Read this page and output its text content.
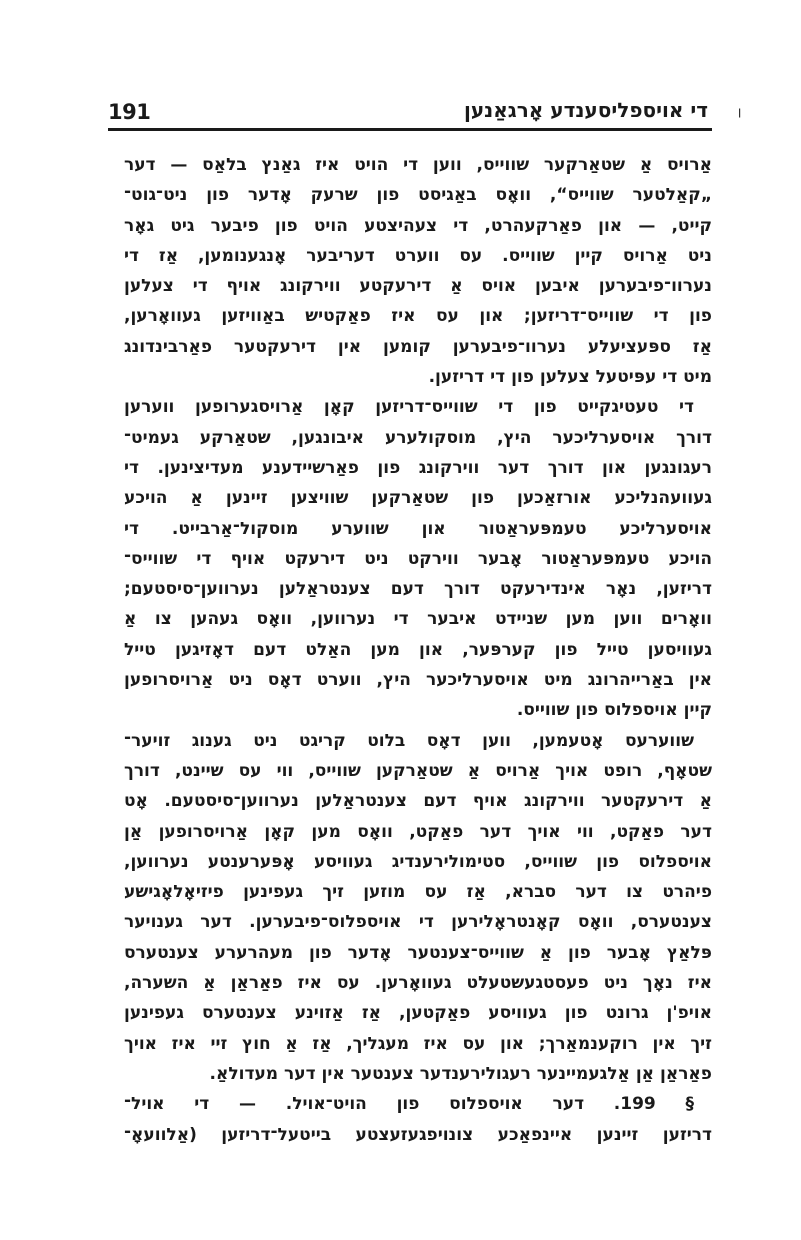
191	די אויספליסענדע אָרגאַנען	ן
אַרויס אַ שטאַרקער שווייס, ווען די הויט איז גאַנץ בלאַס — דער
„קאַלטער שווייס“, וואָס באַגיסט פון שרעק אָדער פון ניט־גוט־
קייט, — און פאַרקעהרט, די צעהיצטע הויט פון פיבער גיט גאָר
ניט אַרויס קיין שווייס. עס ווערט דעריבער אָנגענומען, אַז די
נערוו־פיבערען איבען אויס אַ דירעקטע ווירקונג אויף די צעלען
פון די שווייס־דריזען; און עס איז פאַקטיש באַוויזען געוואָרען,
אַז ספּעציעלע נערוו־פיבערען קומען אין דירעקטער פאַרבינדונג
מיט די עפּיטעל צעלען פון די דריזען.
די טעטיגקייט פון די שווייס־דריזען קאָן אַרויסגערופען ווערען
דורך אויסערליכער היץ, מוסקולערע איבונגען, שטאַרקע געמיט־
רעגונגען און דורך דער ווירקונג פון פאַרשיידענע מעדיצינען. די
געוועהנליכע אורזאַכען פון שטאַרקען שוויצען זיינען אַ הויכע
אויסערליכע טעמפּעראַטור און שווערע מוסקול־אַרבייט. די
הויכע טעמפּעראַטור אָבער ווירקט ניט דירעקט אויף די שווייס־
דריזען, נאָר אינדירעקט דורך דעם צענטראַלען נערווען־סיסטעם;
וואָרים ווען מען שניידט איבער די נערווען, וואָס געהען צו אַ
געוויסען טייל פון קערפּער, און מען האַלט דעם דאָזיגען טייל
אין באַרייהרונג מיט אויסערליכער היץ, ווערט דאָס ניט אַרויסרופען
קיין אויספלוס פון שווייס.
שווערעס אָטעמען, ווען דאָס בלוט קריגט ניט גענוג זויער־
שטאָף, רופט אויך אַרויס אַ שטאַרקען שווייס, ווי עס שיינט, דורך
אַ דירעקטער ווירקונג אויף דעם צענטראַלען נערווען־סיסטעם. אָט
דער פאַקט, ווי אויך דער פאַקט, וואָס מען קאָן אַרויסרופען אַן
אויספלוס פון שווייס, סטימולירענדיג געוויסע אָפּערענטע נערווען,
פיהרט צו דער סברא, אַז עס מוזען זיך געפינען פיזיאָלאָגישע
צענטערס, וואָס קאָנטראָלירען די אויספלוס־פיבערען. דער גענויער
פּלאַץ אָבער פון אַ שווייס־צענטער אָדער פון מעהרערע צענטערס
איז נאָך ניט פעסטגעשטעלט געוואָרען. עס איז פאַראַן אַ השערה,
אויפ'ן גרונט פון געוויסע פאַקטען, אַז אַזוינע צענטערס געפינען
זיך אין רוקענמאַרך; און עס איז מעגליך, אַז אַ חוץ זיי איז אויך
פאַראַן אַן אַלגעמיינער רעגולירענדער צענטער אין דער מעדולאַ.
§ 199. דער אויספלוס פון הויט־אויל. — די אויל־
דריזען זיינען איינפאַכע צונויפגעזעצטע בייטעל־דריזען (אַלוועאָ־
